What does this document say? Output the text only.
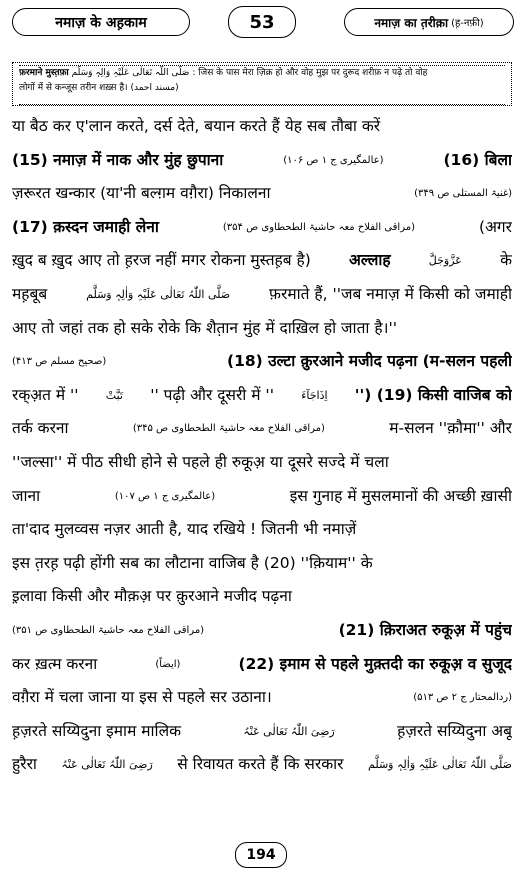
नमाज़ के अह़काम	53	नमाज़ का त़रीक़ा (ह़-नफ़ी)
फ़रमाने मुस्त़फ़ा صَلَّی اللّٰہ تَعَالٰی عَلَیْہِ وَالِہٖ وَسَلَّم : जिस के पास मेरा ज़िक्र हो और वोह मुझ पर दुरूद शरीफ़ न पढ़े तो वोह
लोगों में से कन्जूस तरीन शख़्स है। (مسند احمد)
या बैठ कर ए'लान करते, दर्स देते, बयान करते हैं येह सब तौबा करें
(15) नमाज़ में नाक और मुंह छुपाना	(عالمگیری ج ۱ ص ۱۰۶)	(16) बिला
ज़रूरत खन्कार (या'नी बल्ग़म वग़ैरा) निकालना	(غنیۃ المستلی ص ۳۴۹)
(17) क़स्दन जमाही लेना	(مراقی الفلاح معہ حاشیۃ الطحطاوی ص ۳۵۴)	(अगर
ख़ुद ब ख़ुद आए तो ह़रज नहीं मगर रोकना मुस्तह़ब है) अल्लाह	عَزَّوَجَلَّ के
मह़बूब	صَلَّی اللّٰہُ تَعَالٰی عَلَیْہِ وَاٰلِہٖ وَسَلَّم	फ़रमाते हैं, ''जब नमाज़ में किसी को जमाही
आए तो जहां तक हो सके रोके कि शैत़ान मुंह में दाख़िल हो जाता है।''
(صحیح مسلم ص ۴۱۳)	(18) उल्टा क़ुरआने मजीद पढ़ना (म-सलन पहली
रक्अ़त में '' تَبَّتْ '' पढ़ी और दूसरी में '' اِذَاجَآءَ '') (19) किसी वाजिब को
तर्क करना	(مراقی الفلاح معہ حاشیۃ الطحطاوی ص ۳۴۵)	म-सलन ''क़ौमा'' और
''जल्सा'' में पीठ सीधी होने से पहले ही रुकूअ़ या दूसरे सज्दे में चला
जाना	(عالمگیری ج ۱ ص ۱۰۷)	इस गुनाह में मुसलमानों की अच्छी ख़ासी
ता'दाद मुलव्वस नज़र आती है, याद रखिये ! जितनी भी नमाज़ें
इस त़रह़ पढ़ी होंगी सब का लौटाना वाजिब है (20) ''क़ियाम'' के
इ़लावा किसी और मौक़अ़ पर क़ुरआने मजीद पढ़ना
(مراقی الفلاح معہ حاشیۃ الطحطاوی ص ۳۵۱)	(21) क़िराअत रुकूअ़ में पहुंच
कर ख़त्म करना	(ایضاً)	(22) इमाम से पहले मुक़्तदी का रुकूअ़ व सुजूद
वग़ैरा में चला जाना या इस से पहले सर उठाना।	(ردالمحتار ج ۲ ص ۵۱۳)
ह़ज़रते सय्यिदुना इमाम मालिक	رَضِیَ اللّٰہُ تَعَالٰی عَنْہُ	ह़ज़रते सय्यिदुना अबू
हुरैरा رَضِیَ اللّٰہُ تَعَالٰی عَنْہُ से रिवायत करते हैं कि सरकार صَلَّی اللّٰہُ تَعَالٰی عَلَیْہِ وَاٰلِہٖ وَسَلَّم
194
